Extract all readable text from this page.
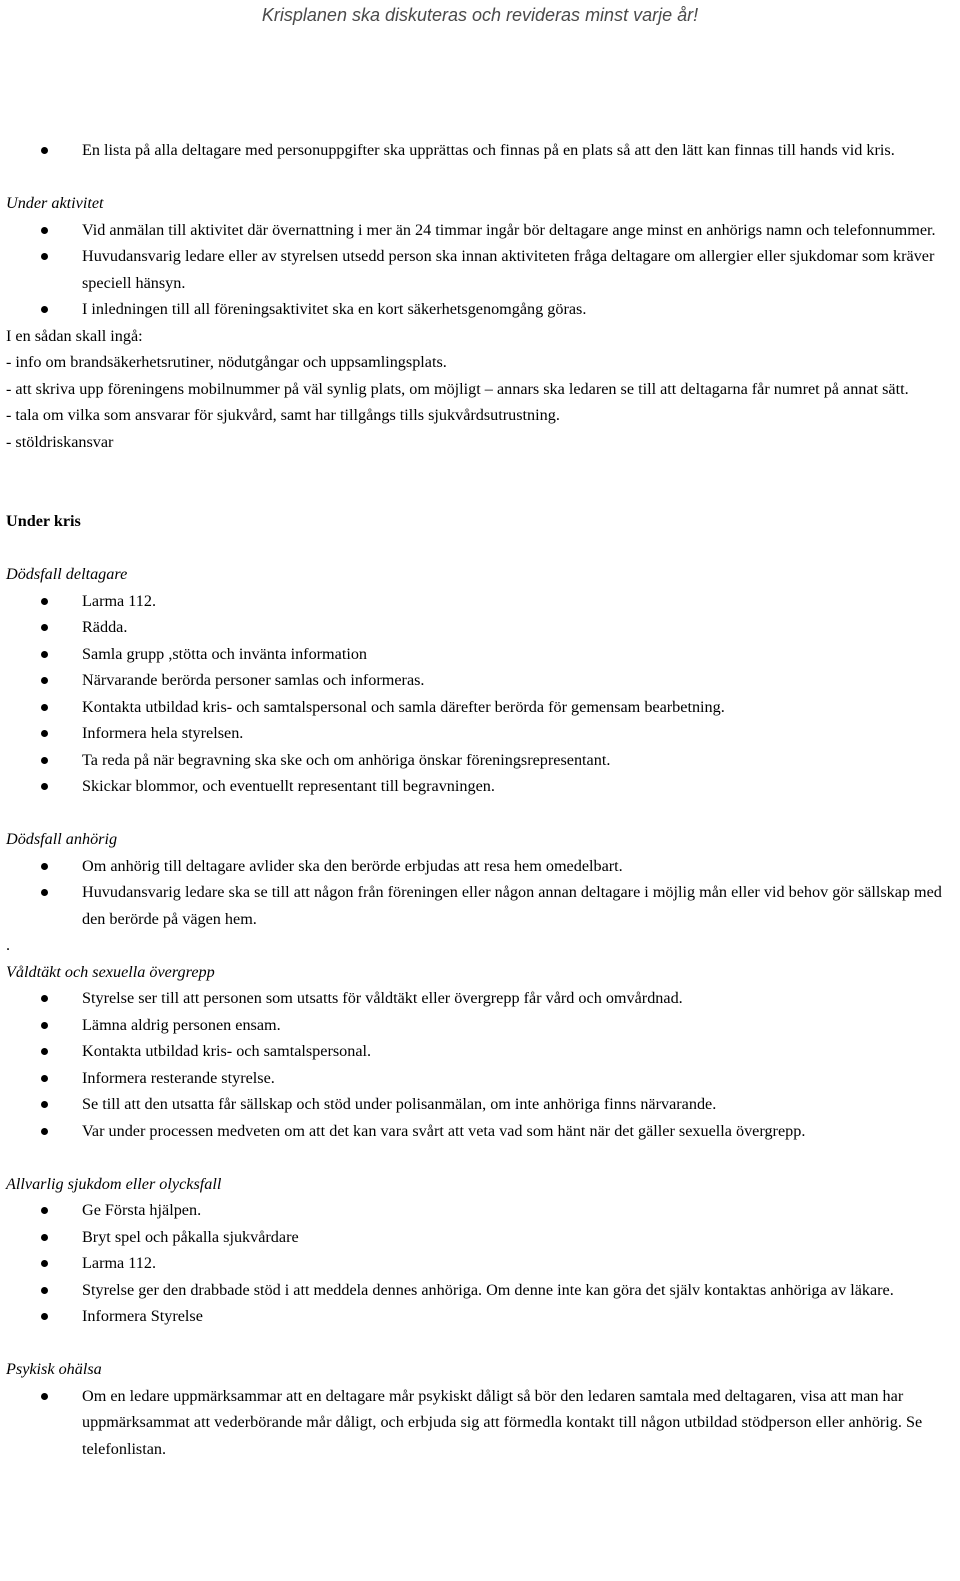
Krisplanen ska diskuteras och revideras minst varje år!
En lista på alla deltagare med personuppgifter ska upprättas och finnas på en plats så att den lätt kan finnas till hands vid kris.
Under aktivitet
Vid anmälan till aktivitet där övernattning i mer än 24 timmar ingår bör deltagare ange minst en anhörigs namn och telefonnummer.
Huvudansvarig ledare eller av styrelsen utsedd person ska innan aktiviteten fråga deltagare om allergier eller sjukdomar som kräver speciell hänsyn.
I inledningen till all föreningsaktivitet ska en kort säkerhetsgenomgång göras.
I en sådan skall ingå:
- info om brandsäkerhetsrutiner, nödutgångar och uppsamlingsplats.
- att skriva upp föreningens mobilnummer på väl synlig plats, om möjligt – annars ska ledaren se till att deltagarna får numret på annat sätt.
- tala om vilka som ansvarar för sjukvård, samt har tillgångs tills sjukvårdsutrustning.
- stöldriskansvar
Under kris
Dödsfall deltagare
Larma 112.
Rädda.
Samla grupp ,stötta och invänta information
Närvarande berörda personer samlas och informeras.
Kontakta utbildad kris- och samtalspersonal och samla därefter berörda för gemensam bearbetning.
Informera hela styrelsen.
Ta reda på när begravning ska ske och om anhöriga önskar föreningsrepresentant.
Skickar blommor, och eventuellt representant till begravningen.
Dödsfall anhörig
Om anhörig till deltagare avlider ska den berörde erbjudas att resa hem omedelbart.
Huvudansvarig ledare ska se till att någon från föreningen eller någon annan deltagare i möjlig mån eller vid behov gör sällskap med den berörde på vägen hem.
.
Våldtäkt och sexuella övergrepp
Styrelse ser till att personen som utsatts för våldtäkt eller övergrepp får vård och omvårdnad.
Lämna aldrig personen ensam.
Kontakta utbildad kris- och samtalspersonal.
Informera resterande styrelse.
Se till att den utsatta får sällskap och stöd under polisanmälan, om inte anhöriga finns närvarande.
Var under processen medveten om att det kan vara svårt att veta vad som hänt när det gäller sexuella övergrepp.
Allvarlig sjukdom eller olycksfall
Ge Första hjälpen.
Bryt spel och påkalla sjukvårdare
Larma 112.
Styrelse ger den drabbade stöd i att meddela dennes anhöriga. Om denne inte kan göra det själv kontaktas anhöriga av läkare.
Informera Styrelse
Psykisk ohälsa
Om en ledare uppmärksammar att en deltagare mår psykiskt dåligt så bör den ledaren samtala med deltagaren, visa att man har uppmärksammat att vederbörande mår dåligt, och erbjuda sig att förmedla kontakt till någon utbildad stödperson eller anhörig. Se telefonlistan.
